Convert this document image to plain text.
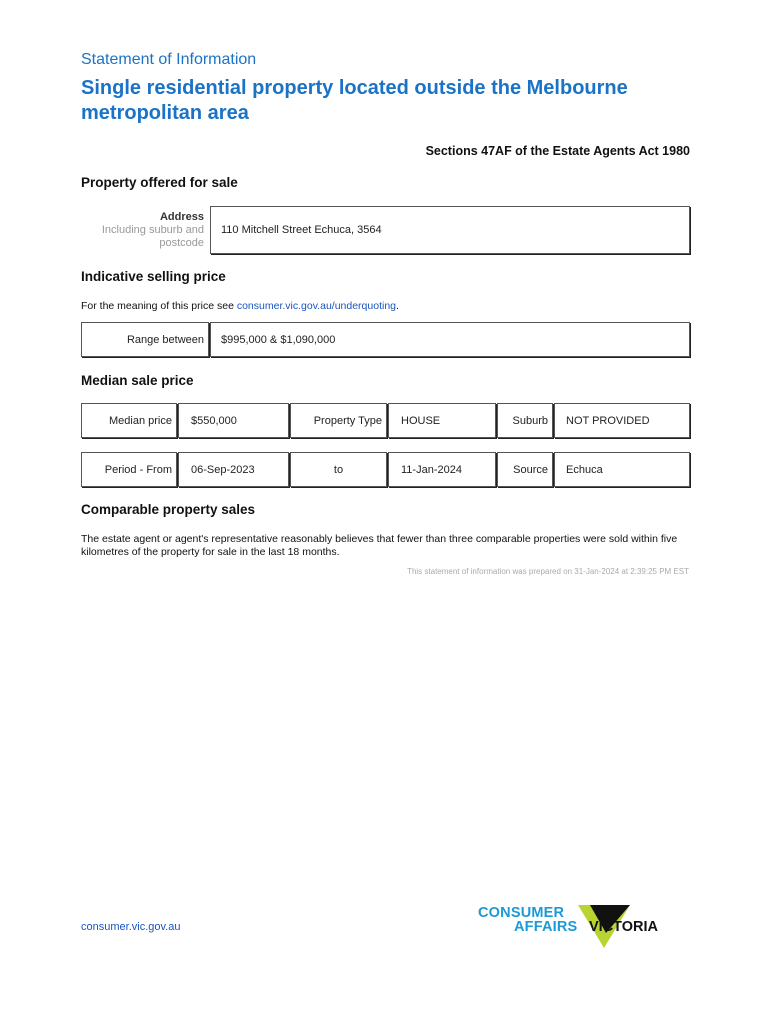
Statement of Information
Single residential property located outside the Melbourne metropolitan area
Sections 47AF of the Estate Agents Act 1980
Property offered for sale
Address
Including suburb and
postcode
110 Mitchell Street Echuca, 3564
Indicative selling price
For the meaning of this price see consumer.vic.gov.au/underquoting.
Range between $995,000 & $1,090,000
Median sale price
Median price $550,000	Property Type HOUSE	Suburb NOT PROVIDED
Period - From 06-Sep-2023	to	11-Jan-2024	Source Echuca
Comparable property sales
The estate agent or agent's representative reasonably believes that fewer than three comparable properties were sold within five kilometres of the property for sale in the last 18 months.
This statement of information was prepared on 31-Jan-2024 at 2:39:25 PM EST
consumer.vic.gov.au
CONSUMER
AFFAIRS VICTORIA
